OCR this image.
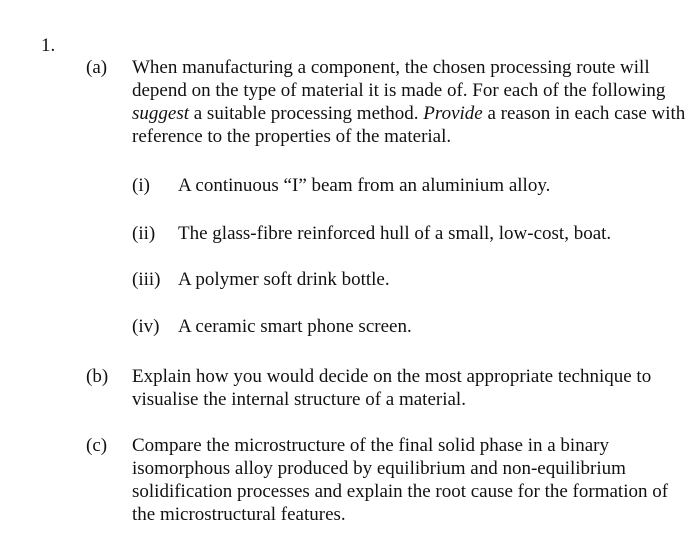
1.
(a) When manufacturing a component, the chosen processing route will depend on the type of material it is made of. For each of the following suggest a suitable processing method. Provide a reason in each case with reference to the properties of the material.
(i) A continuous “I” beam from an aluminium alloy.
(ii) The glass-fibre reinforced hull of a small, low-cost, boat.
(iii) A polymer soft drink bottle.
(iv) A ceramic smart phone screen.
(b) Explain how you would decide on the most appropriate technique to visualise the internal structure of a material.
(c) Compare the microstructure of the final solid phase in a binary isomorphous alloy produced by equilibrium and non-equilibrium solidification processes and explain the root cause for the formation of the microstructural features.
